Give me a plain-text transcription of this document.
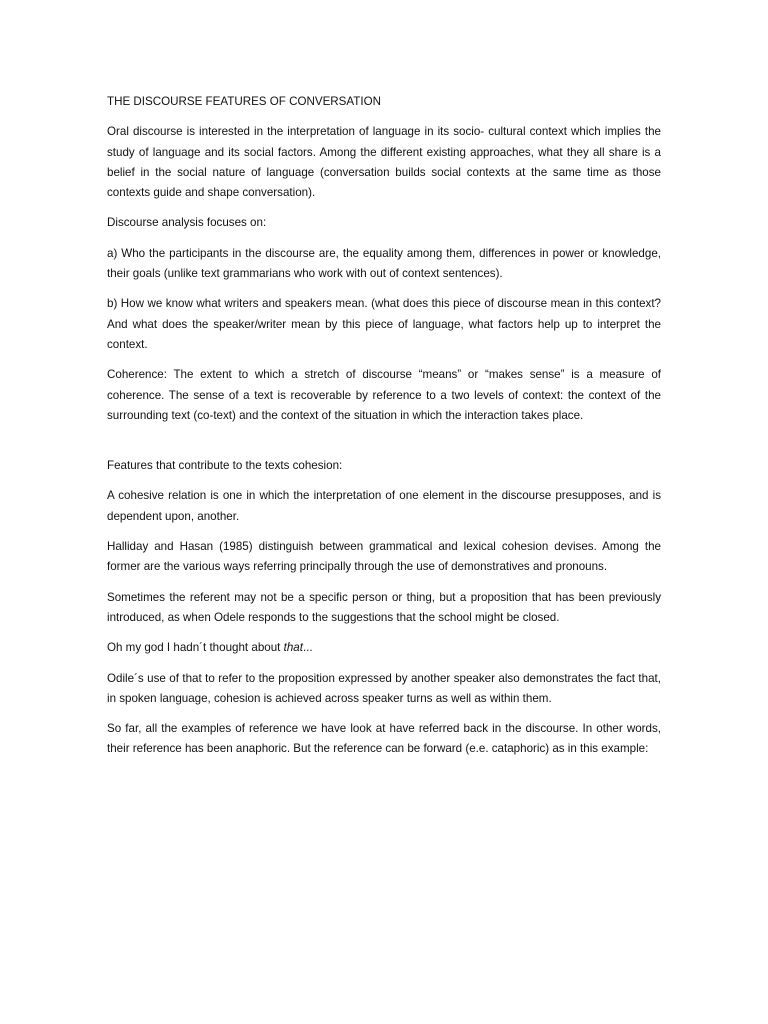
THE DISCOURSE FEATURES OF CONVERSATION

Oral discourse is interested in the interpretation of language in its socio- cultural context which implies the study of language and its social factors. Among the different existing approaches, what they all share is a belief in the social nature of language (conversation builds social contexts at the same time as those contexts guide and shape conversation).

Discourse analysis focuses on:

a) Who the participants in the discourse are, the equality among them, differences in power or knowledge, their goals (unlike text grammarians who work with out of context sentences).

b) How we know what writers and speakers mean. (what does this piece of discourse mean in this context? And what does the speaker/writer mean by this piece of language, what factors help up to interpret the context.

Coherence: The extent to which a stretch of discourse “means” or “makes sense” is a measure of coherence. The sense of a text is recoverable by reference to a two levels of context: the context of the surrounding text (co-text) and the context of the situation in which the interaction takes place.

Features that contribute to the texts cohesion:

A cohesive relation is one in which the interpretation of one element in the discourse presupposes, and is dependent upon, another.

Halliday and Hasan (1985) distinguish between grammatical and lexical cohesion devises. Among the former are the various ways referring principally through the use of demonstratives and pronouns.

Sometimes the referent may not be a specific person or thing, but a proposition that has been previously introduced, as when Odele responds to the suggestions that the school might be closed.

Oh my god I hadn´t thought about that...

Odile´s use of that to refer to the proposition expressed by another speaker also demonstrates the fact that, in spoken language, cohesion is achieved across speaker turns as well as within them.

So far, all the examples of reference we have look at have referred back in the discourse. In other words, their reference has been anaphoric. But the reference can be forward (e.e. cataphoric) as in this example:
